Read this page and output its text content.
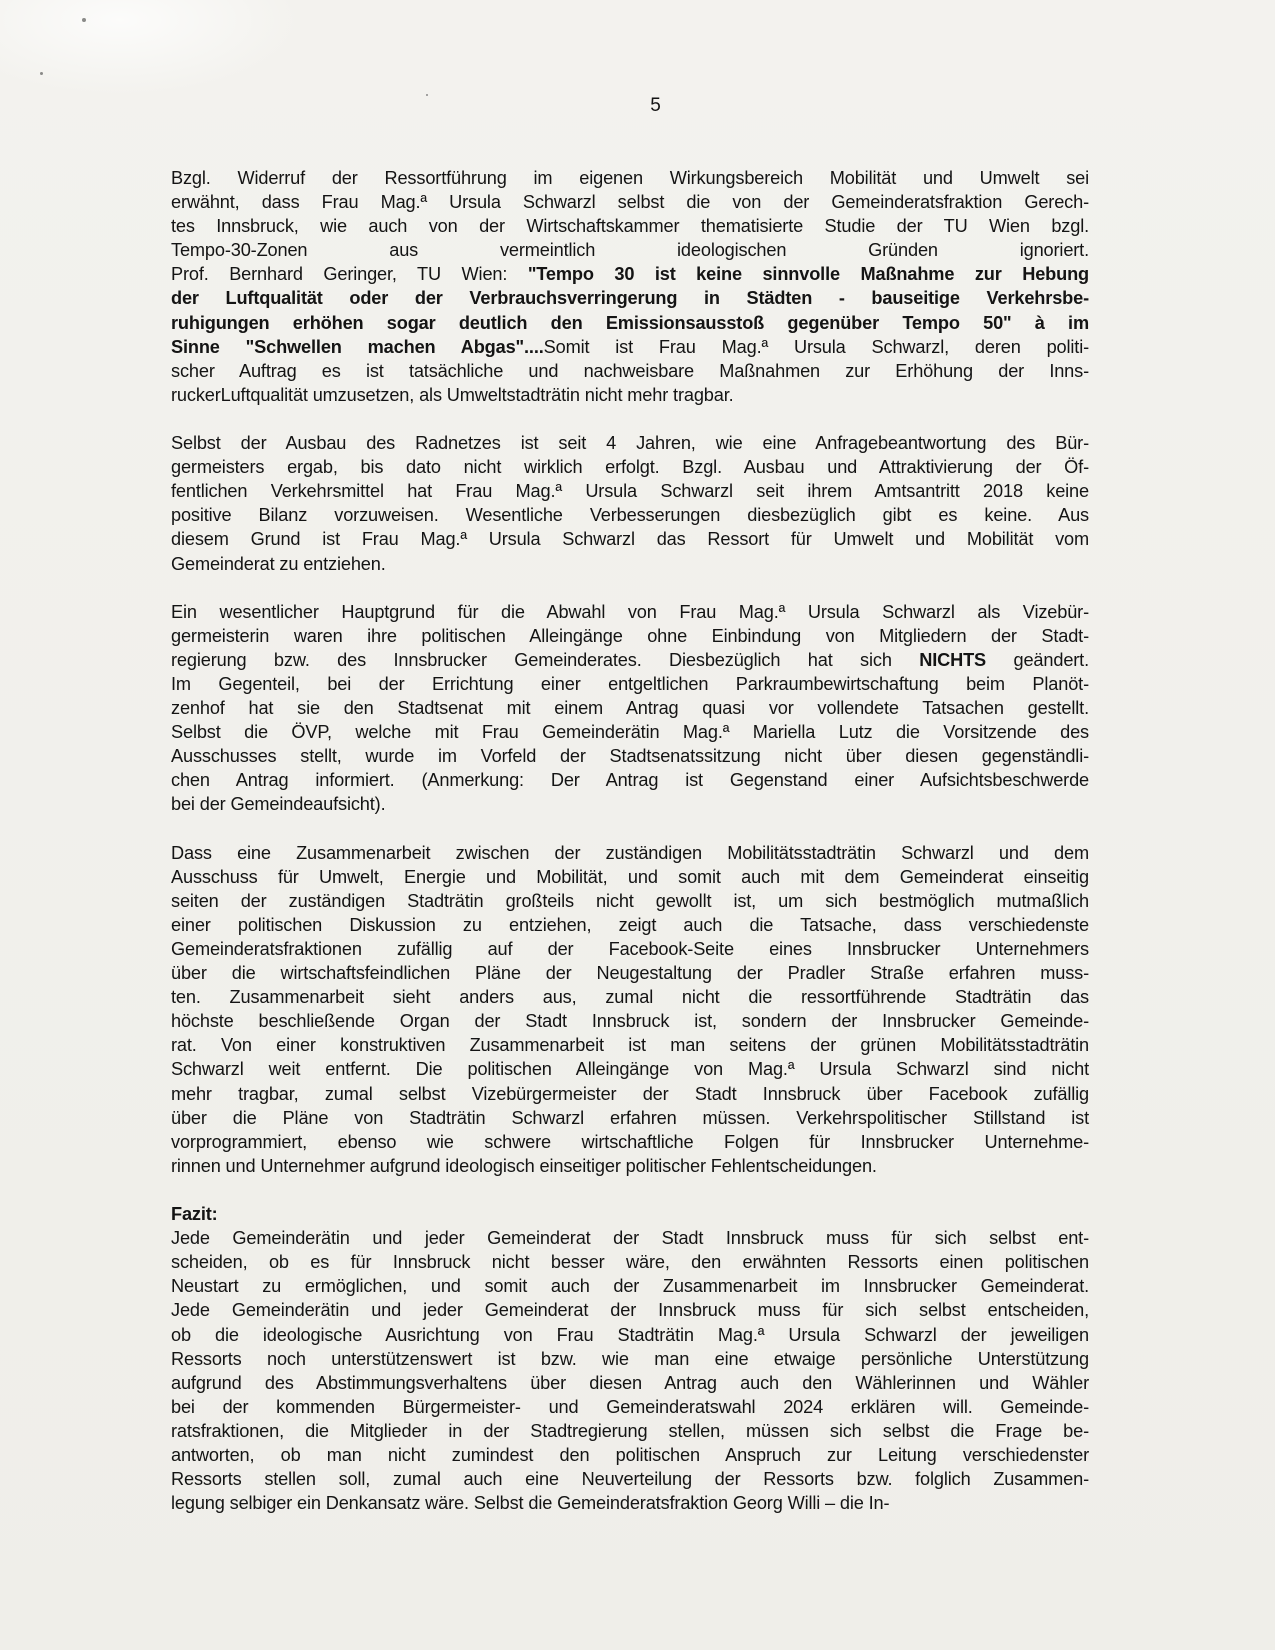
5
Bzgl. Widerruf der Ressortführung im eigenen Wirkungsbereich Mobilität und Umwelt sei
erwähnt, dass Frau Mag.ª Ursula Schwarzl selbst die von der Gemeinderatsfraktion Gerech-
tes Innsbruck, wie auch von der Wirtschaftskammer thematisierte Studie der TU Wien bzgl.
Tempo-30-Zonen aus vermeintlich ideologischen Gründen ignoriert.
Prof. Bernhard Geringer, TU Wien: "Tempo 30 ist keine sinnvolle Maßnahme zur Hebung
der Luftqualität oder der Verbrauchsverringerung in Städten - bauseitige Verkehrsbe-
ruhigungen erhöhen sogar deutlich den Emissionsausstoß gegenüber Tempo 50" à im
Sinne "Schwellen machen Abgas"....Somit ist Frau Mag.ª Ursula Schwarzl, deren politi-
scher Auftrag es ist tatsächliche und nachweisbare Maßnahmen zur Erhöhung der Inns-
ruckerLuftqualität umzusetzen, als Umweltstadträtin nicht mehr tragbar.
Selbst der Ausbau des Radnetzes ist seit 4 Jahren, wie eine Anfragebeantwortung des Bür-
germeisters ergab, bis dato nicht wirklich erfolgt. Bzgl. Ausbau und Attraktivierung der Öf-
fentlichen Verkehrsmittel hat Frau Mag.ª Ursula Schwarzl seit ihrem Amtsantritt 2018 keine
positive Bilanz vorzuweisen. Wesentliche Verbesserungen diesbezüglich gibt es keine. Aus
diesem Grund ist Frau Mag.ª Ursula Schwarzl das Ressort für Umwelt und Mobilität vom
Gemeinderat zu entziehen.
Ein wesentlicher Hauptgrund für die Abwahl von Frau Mag.ª Ursula Schwarzl als Vizebür-
germeisterin waren ihre politischen Alleingänge ohne Einbindung von Mitgliedern der Stadt-
regierung bzw. des Innsbrucker Gemeinderates. Diesbezüglich hat sich NICHTS geändert.
Im Gegenteil, bei der Errichtung einer entgeltlichen Parkraumbewirtschaftung beim Planöt-
zenhof hat sie den Stadtsenat mit einem Antrag quasi vor vollendete Tatsachen gestellt.
Selbst die ÖVP, welche mit Frau Gemeinderätin Mag.ª Mariella Lutz die Vorsitzende des
Ausschusses stellt, wurde im Vorfeld der Stadtsenatssitzung nicht über diesen gegenständli-
chen Antrag informiert. (Anmerkung: Der Antrag ist Gegenstand einer Aufsichtsbeschwerde
bei der Gemeindeaufsicht).
Dass eine Zusammenarbeit zwischen der zuständigen Mobilitätsstadträtin Schwarzl und dem
Ausschuss für Umwelt, Energie und Mobilität, und somit auch mit dem Gemeinderat einseitig
seiten der zuständigen Stadträtin großteils nicht gewollt ist, um sich bestmöglich mutmaßlich
einer politischen Diskussion zu entziehen, zeigt auch die Tatsache, dass verschiedenste
Gemeinderatsfraktionen zufällig auf der Facebook-Seite eines Innsbrucker Unternehmers
über die wirtschaftsfeindlichen Pläne der Neugestaltung der Pradler Straße erfahren muss-
ten. Zusammenarbeit sieht anders aus, zumal nicht die ressortführende Stadträtin das
höchste beschließende Organ der Stadt Innsbruck ist, sondern der Innsbrucker Gemeinde-
rat. Von einer konstruktiven Zusammenarbeit ist man seitens der grünen Mobilitätsstadträtin
Schwarzl weit entfernt. Die politischen Alleingänge von Mag.ª Ursula Schwarzl sind nicht
mehr tragbar, zumal selbst Vizebürgermeister der Stadt Innsbruck über Facebook zufällig
über die Pläne von Stadträtin Schwarzl erfahren müssen. Verkehrspolitischer Stillstand ist
vorprogrammiert, ebenso wie schwere wirtschaftliche Folgen für Innsbrucker Unternehme-
rinnen und Unternehmer aufgrund ideologisch einseitiger politischer Fehlentscheidungen.
Fazit:
Jede Gemeinderätin und jeder Gemeinderat der Stadt Innsbruck muss für sich selbst ent-
scheiden, ob es für Innsbruck nicht besser wäre, den erwähnten Ressorts einen politischen
Neustart zu ermöglichen, und somit auch der Zusammenarbeit im Innsbrucker Gemeinderat.
Jede Gemeinderätin und jeder Gemeinderat der Innsbruck muss für sich selbst entscheiden,
ob die ideologische Ausrichtung von Frau Stadträtin Mag.ª Ursula Schwarzl der jeweiligen
Ressorts noch unterstützenswert ist bzw. wie man eine etwaige persönliche Unterstützung
aufgrund des Abstimmungsverhaltens über diesen Antrag auch den Wählerinnen und Wähler
bei der kommenden Bürgermeister- und Gemeinderatswahl 2024 erklären will. Gemeinde-
ratsfraktionen, die Mitglieder in der Stadtregierung stellen, müssen sich selbst die Frage be-
antworten, ob man nicht zumindest den politischen Anspruch zur Leitung verschiedenster
Ressorts stellen soll, zumal auch eine Neuverteilung der Ressorts bzw. folglich Zusammen-
legung selbiger ein Denkansatz wäre. Selbst die Gemeinderatsfraktion Georg Willi – die In-
